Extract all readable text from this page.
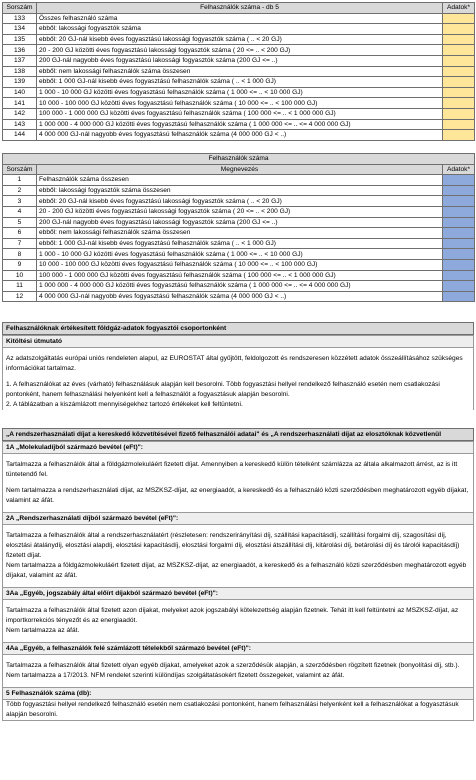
Sorszám	Felhasználók száma - db 5	Adatok*
133	Összes felhasználó száma	
134	ebből: lakossági fogyasztók száma	
135	ebből: 20 GJ-nál kisebb éves fogyasztású lakossági fogyasztók száma ( .. < 20 GJ)	
136	20 - 200 GJ közötti éves fogyasztású lakossági fogyasztók száma ( 20 <= .. < 200 GJ)	
137	200 GJ-nál nagyobb éves fogyasztású lakossági fogyasztók száma (200 GJ <= ..)	
138	ebből: nem lakossági felhasználók száma összesen	
139	ebből: 1 000 GJ-nál kisebb éves fogyasztású felhasználók száma ( .. < 1 000 GJ)	
140	1 000 - 10 000 GJ közötti éves fogyasztású felhasználók száma ( 1 000 <= .. < 10 000 GJ)	
141	10 000 - 100 000 GJ közötti éves fogyasztású felhasználók száma ( 10 000 <= .. < 100 000 GJ)	
142	100 000 - 1 000 000 GJ közötti éves fogyasztású felhasználók száma ( 100 000 <= .. < 1 000 000 GJ)	
143	1 000 000 - 4 000 000 GJ közötti éves fogyasztású felhasználók száma ( 1 000 000 <= .. <= 4 000 000 GJ)	
144	4 000 000 GJ-nál nagyobb éves fogyasztású felhasználók száma (4 000 000 GJ < ..)	
Felhasználók száma		
Sorszám	Megnevezés	Adatok*
1	Felhasználók száma összesen	
2	ebből: lakossági fogyasztók száma összesen	
3	ebből: 20 GJ-nál kisebb éves fogyasztású lakossági fogyasztók száma ( .. < 20 GJ)	
4	20 - 200 GJ közötti éves fogyasztású lakossági fogyasztók száma ( 20 <= .. < 200 GJ)	
5	200 GJ-nál nagyobb éves fogyasztású lakossági fogyasztók száma (200 GJ <= ..)	
6	ebből: nem lakossági felhasználók száma összesen	
7	ebből: 1 000 GJ-nál kisebb éves fogyasztású felhasználók száma ( .. < 1 000 GJ)	
8	1 000 - 10 000 GJ közötti éves fogyasztású felhasználók száma ( 1 000 <= .. < 10 000 GJ)	
9	10 000 - 100 000 GJ közötti éves fogyasztású felhasználók száma ( 10 000 <= .. < 100 000 GJ)	
10	100 000 - 1 000 000 GJ közötti éves fogyasztású felhasználók száma ( 100 000 <= .. < 1 000 000 GJ)	
11	1 000 000 - 4 000 000 GJ közötti éves fogyasztású felhasználók száma ( 1 000 000 <= .. <= 4 000 000 GJ)	
12	4 000 000 GJ-nál nagyobb éves fogyasztású felhasználók száma (4 000 000 GJ < ..)	
Felhasználóknak értékesített földgáz-adatok fogyasztói csoportonként
Kitöltési útmutató
Az adatszolgáltatás európai uniós rendeleten alapul, az EUROSTAT által gyűjtött, feldolgozott és rendszeresen közzétett adatok összeállításához szükséges információkat tartalmaz.
1. A felhasználókat az éves (várható) felhasználásuk alapján kell besorolni. Több fogyasztási hellyel rendelkező felhasználó esetén nem csatlakozási pontonként, hanem felhasználási helyenként kell a felhasználót a fogyasztásuk alapján besorolni.
2. A táblázatban a kiszámlázott mennyiségekhez tartozó értékeket kell feltüntetni.
„A rendszerhasználati díjat a kereskedő közvetítésével fizető felhasználói adatai" és „A rendszerhasználati díjat az elosztóknak közvetlenül
1A „Molekuladíjból származó bevétel (eFt)":
Tartalmazza a felhasználók által a földgázmolekuláért fizetett díjat. Amennyiben a kereskedő külön tételként számlázza az általa alkalmazott árrést, az is itt tüntetendő fel.
Nem tartalmazza a rendszerhasználati díjat, az MSZKSZ-díjat, az energiaadót, a kereskedő és a felhasználó közti szerződésben meghatározott egyéb díjakat, valamint az áfát.
2A „Rendszerhasználati díjból származó bevétel (eFt)":
Tartalmazza a felhasználók által a rendszerhasználatért (részletesen: rendszerirányítási díj, szállítási kapacitásdíj, szállítási forgalmi díj, szagosítási díj, elosztási átalánydíj, elosztási alapdíj, elosztási kapacitásdíj, elosztási forgalmi díj, elosztási átszállítási díj, kitárolási díj, betárolási díj és tárolói kapacitásdíj) fizetett díjat.
Nem tartalmazza a földgázmolekuláért fizetett díjat, az MSZKSZ-díjat, az energiaadót, a kereskedő és a felhasználó közti szerződésben meghatározott egyéb díjakat, valamint az áfát.
3Aa „Egyéb, jogszabály által előírt díjakból származó bevétel (eFt)":
Tartalmazza a felhasználók által fizetett azon díjakat, melyeket azok jogszabályi kötelezettség alapján fizetnek. Tehát itt kell feltüntetni az MSZKSZ-díjat, az importkorrekciós tényezőt és az energiaadót.
Nem tartalmazza az áfát.
4Aa „Egyéb, a felhasználók felé számlázott tételekből származó bevétel (eFt)":
Tartalmazza a felhasználók által fizetett olyan egyéb díjakat, amelyeket azok a szerződésük alapján, a szerződésben rögzített fizetnek (bonyolítási díj, stb.).
Nem tartalmazza a 17/2013. NFM rendelet szerinti különdíjas szolgáltatásokért fizetett összegeket, valamint az áfát.
5 Felhasználók száma (db):
Több fogyasztási hellyel rendelkező felhasználó esetén nem csatlakozási pontonként, hanem felhasználási helyenként kell a felhasználókat a fogyasztásuk alapján besorolni.
